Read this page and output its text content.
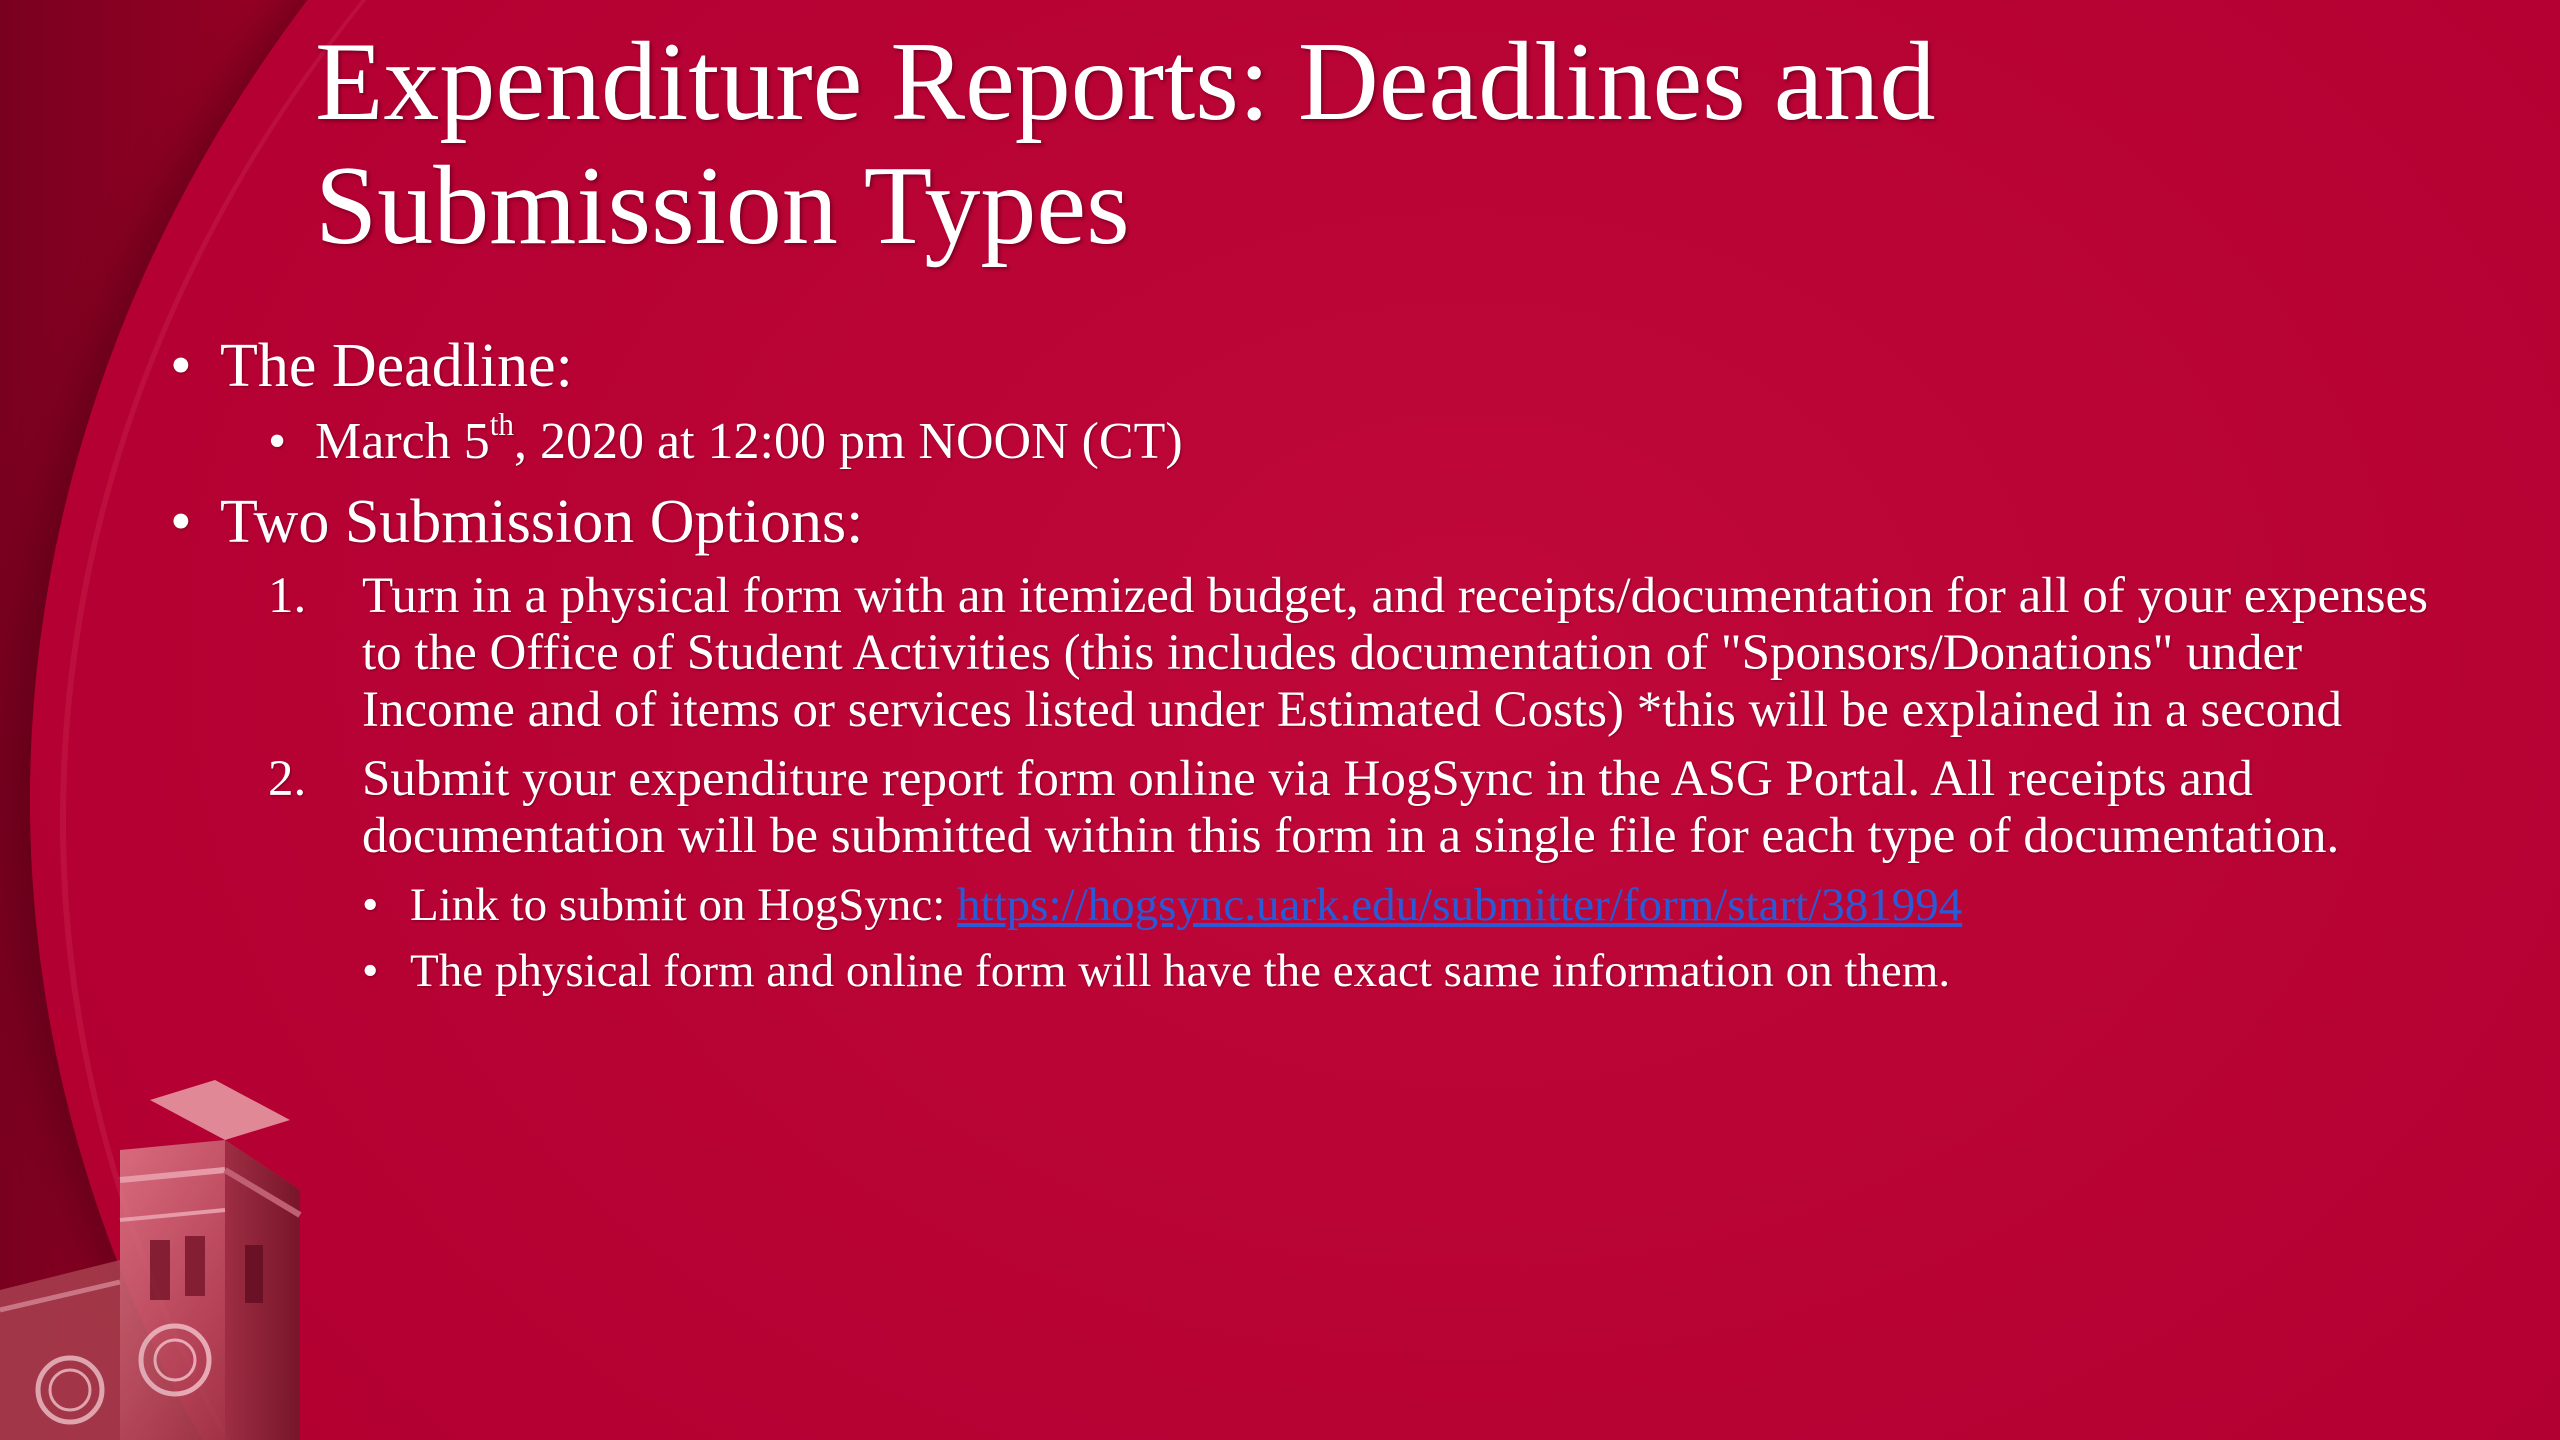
Expenditure Reports: Deadlines and Submission Types
• The Deadline:
• March 5th, 2020 at 12:00 pm NOON (CT)
• Two Submission Options:
1. Turn in a physical form with an itemized budget, and receipts/documentation for all of your expenses to the Office of Student Activities (this includes documentation of "Sponsors/Donations" under Income and of items or services listed under Estimated Costs) *this will be explained in a second
2. Submit your expenditure report form online via HogSync in the ASG Portal. All receipts and documentation will be submitted within this form in a single file for each type of documentation.
• Link to submit on HogSync: https://hogsync.uark.edu/submitter/form/start/381994
• The physical form and online form will have the exact same information on them.
